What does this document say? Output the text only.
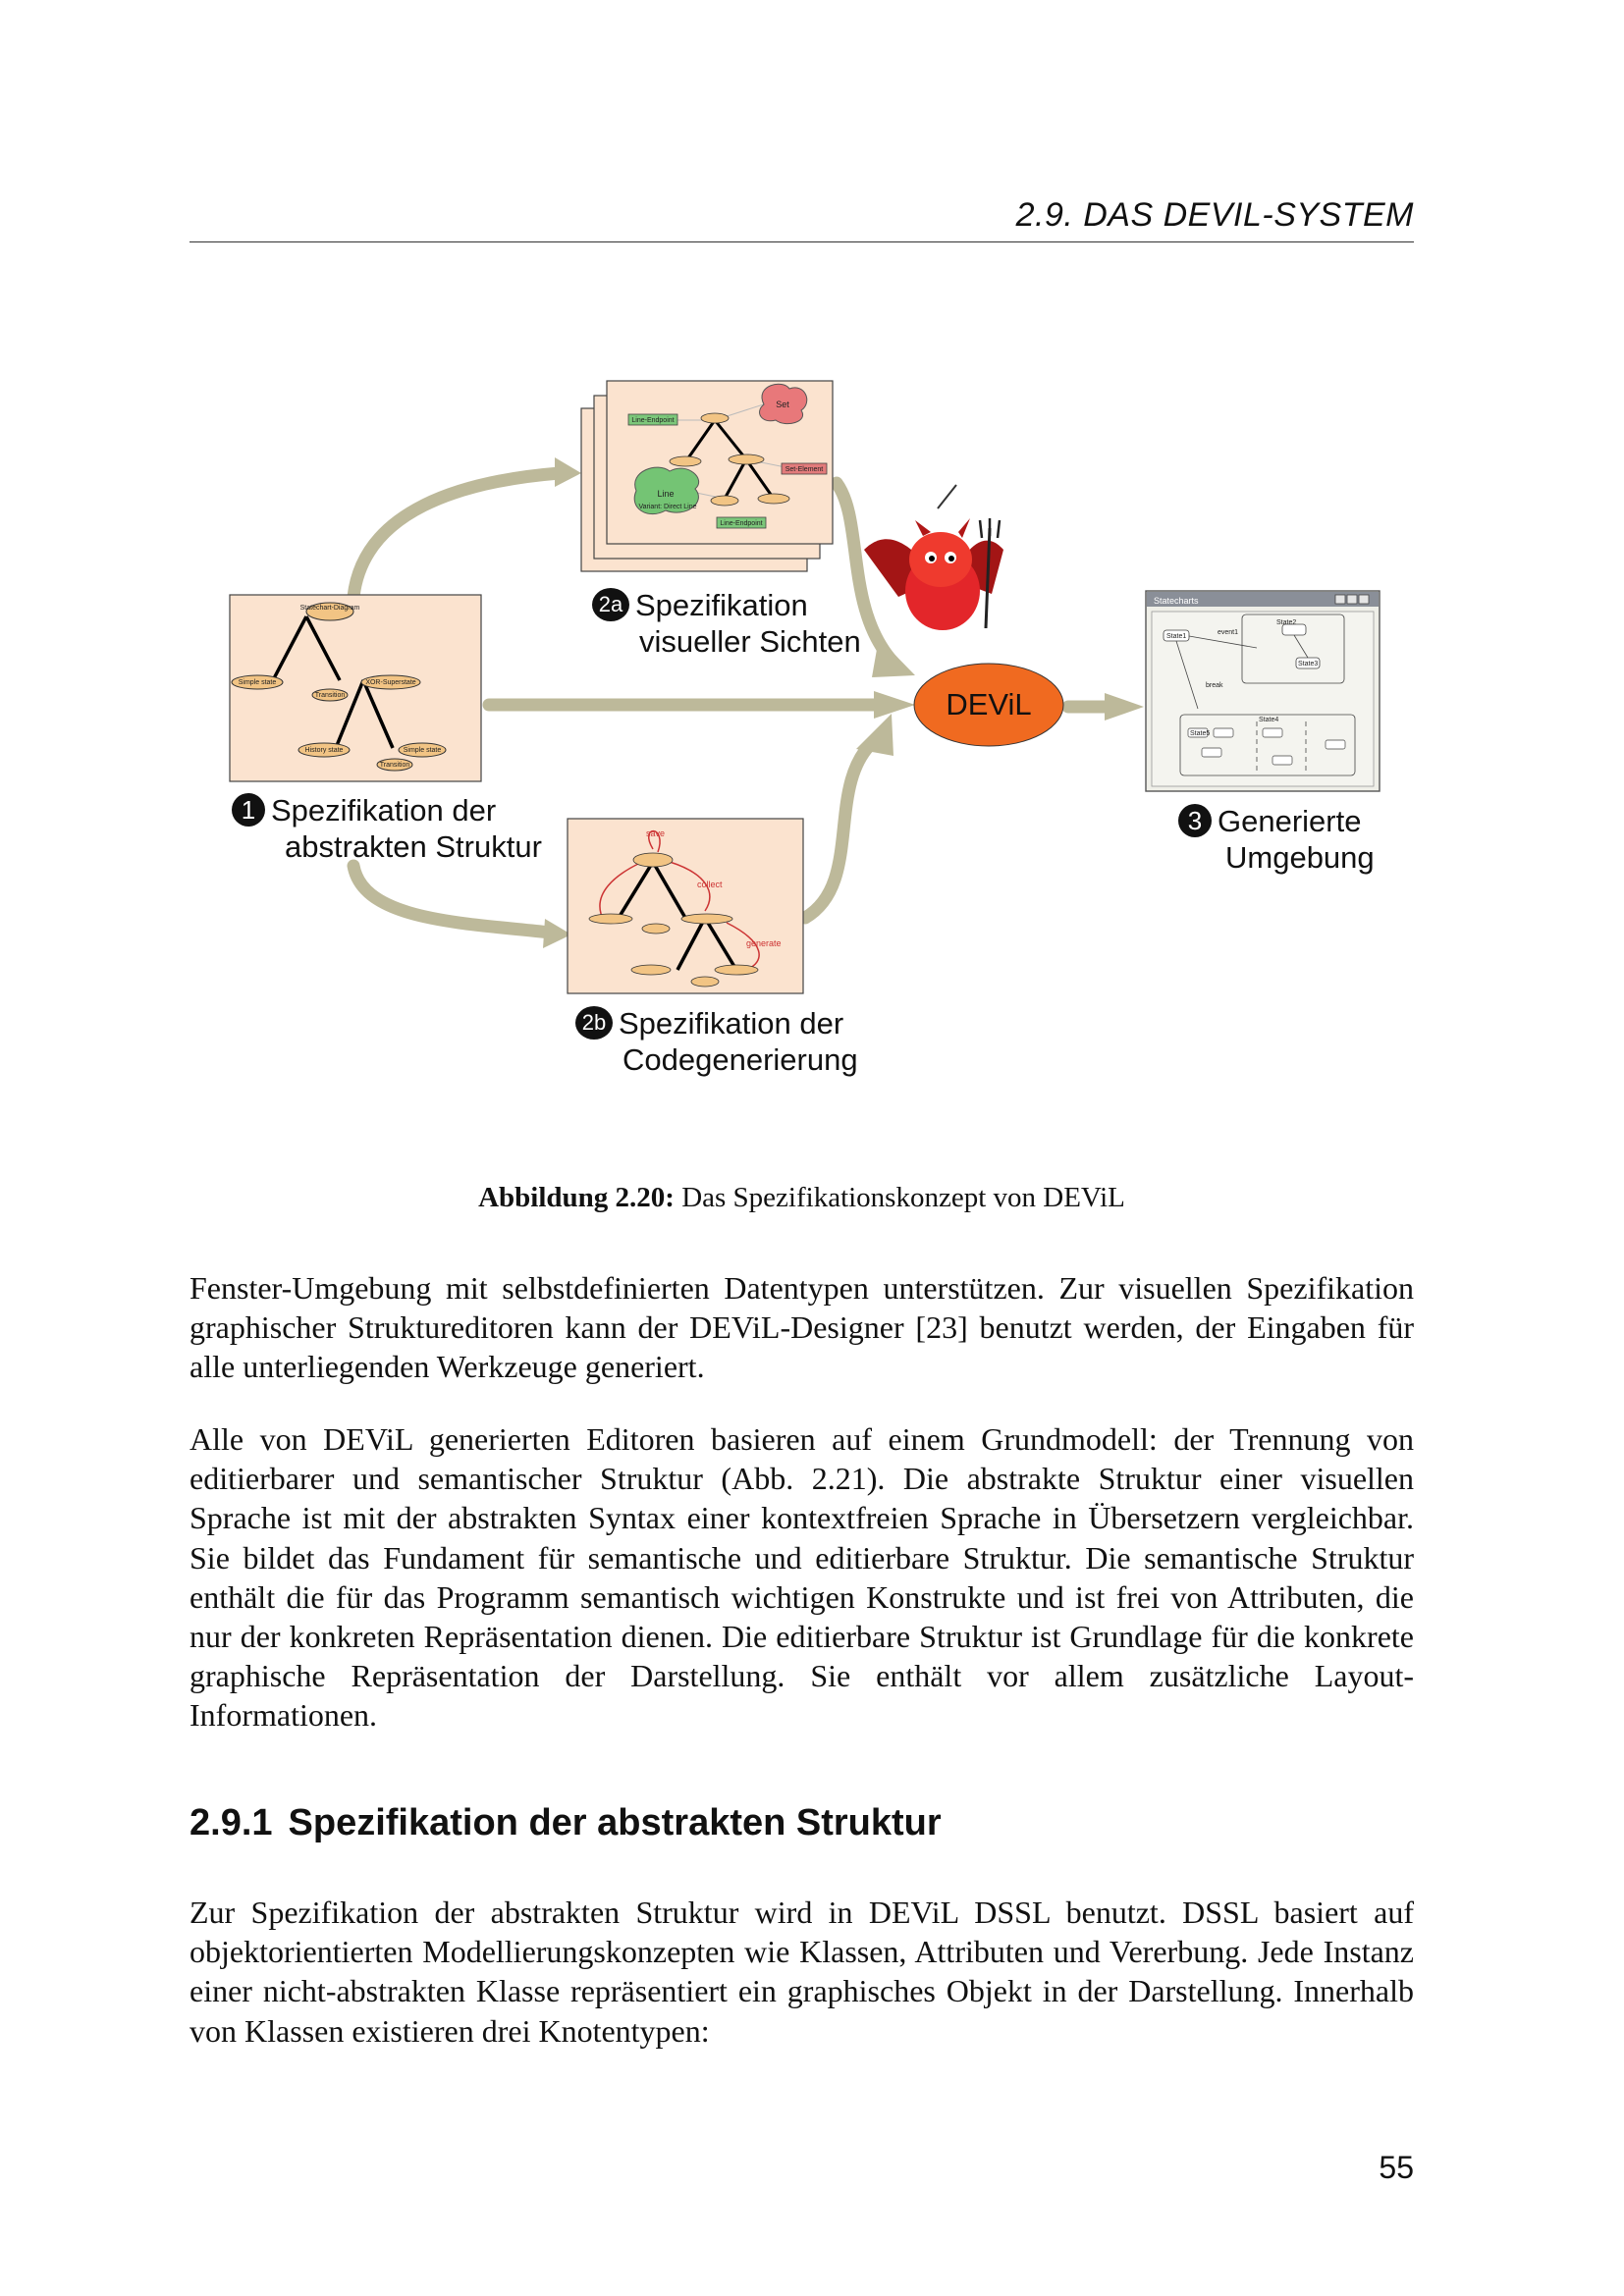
2.9. DAS DEVIL-SYSTEM
Statechart-Diagram
Simple state	XOR-Superstate
Transition
History state	Simple state
Transition
Set
Line
Variant: Direct Line
Line-Endpoint
Set-Element
Line-Endpoint
save
collect
generate
DEViL
Statecharts
State1
State2
State3
State4
State5
event1
break
1 Spezifikation der
abstrakten Struktur
2a Spezifikation
visueller Sichten
2b Spezifikation der
Codegenerierung
3 Generierte
Umgebung
Abbildung 2.20: Das Spezifikationskonzept von DEViL

Fenster-Umgebung mit selbstdefinierten Datentypen unterstützen. Zur visuellen Spezifikation graphischer Struktureditoren kann der DEViL-Designer [23] benutzt werden, der Eingaben für alle unterliegenden Werkzeuge generiert.

Alle von DEViL generierten Editoren basieren auf einem Grundmodell: der Trennung von editierbarer und semantischer Struktur (Abb. 2.21). Die abstrakte Struktur einer visuellen Sprache ist mit der abstrakten Syntax einer kontextfreien Sprache in Übersetzern vergleichbar. Sie bildet das Fundament für semantische und editierbare Struktur. Die semantische Struktur enthält die für das Programm semantisch wichtigen Konstrukte und ist frei von Attributen, die nur der konkreten Repräsentation dienen. Die editierbare Struktur ist Grundlage für die konkrete graphische Repräsentation der Darstellung. Sie enthält vor allem zusätzliche Layout-Informationen.

2.9.1 Spezifikation der abstrakten Struktur

Zur Spezifikation der abstrakten Struktur wird in DEViL DSSL benutzt. DSSL basiert auf objektorientierten Modellierungskonzepten wie Klassen, Attributen und Vererbung. Jede Instanz einer nicht-abstrakten Klasse repräsentiert ein graphisches Objekt in der Darstellung. Innerhalb von Klassen existieren drei Knotentypen:

55
